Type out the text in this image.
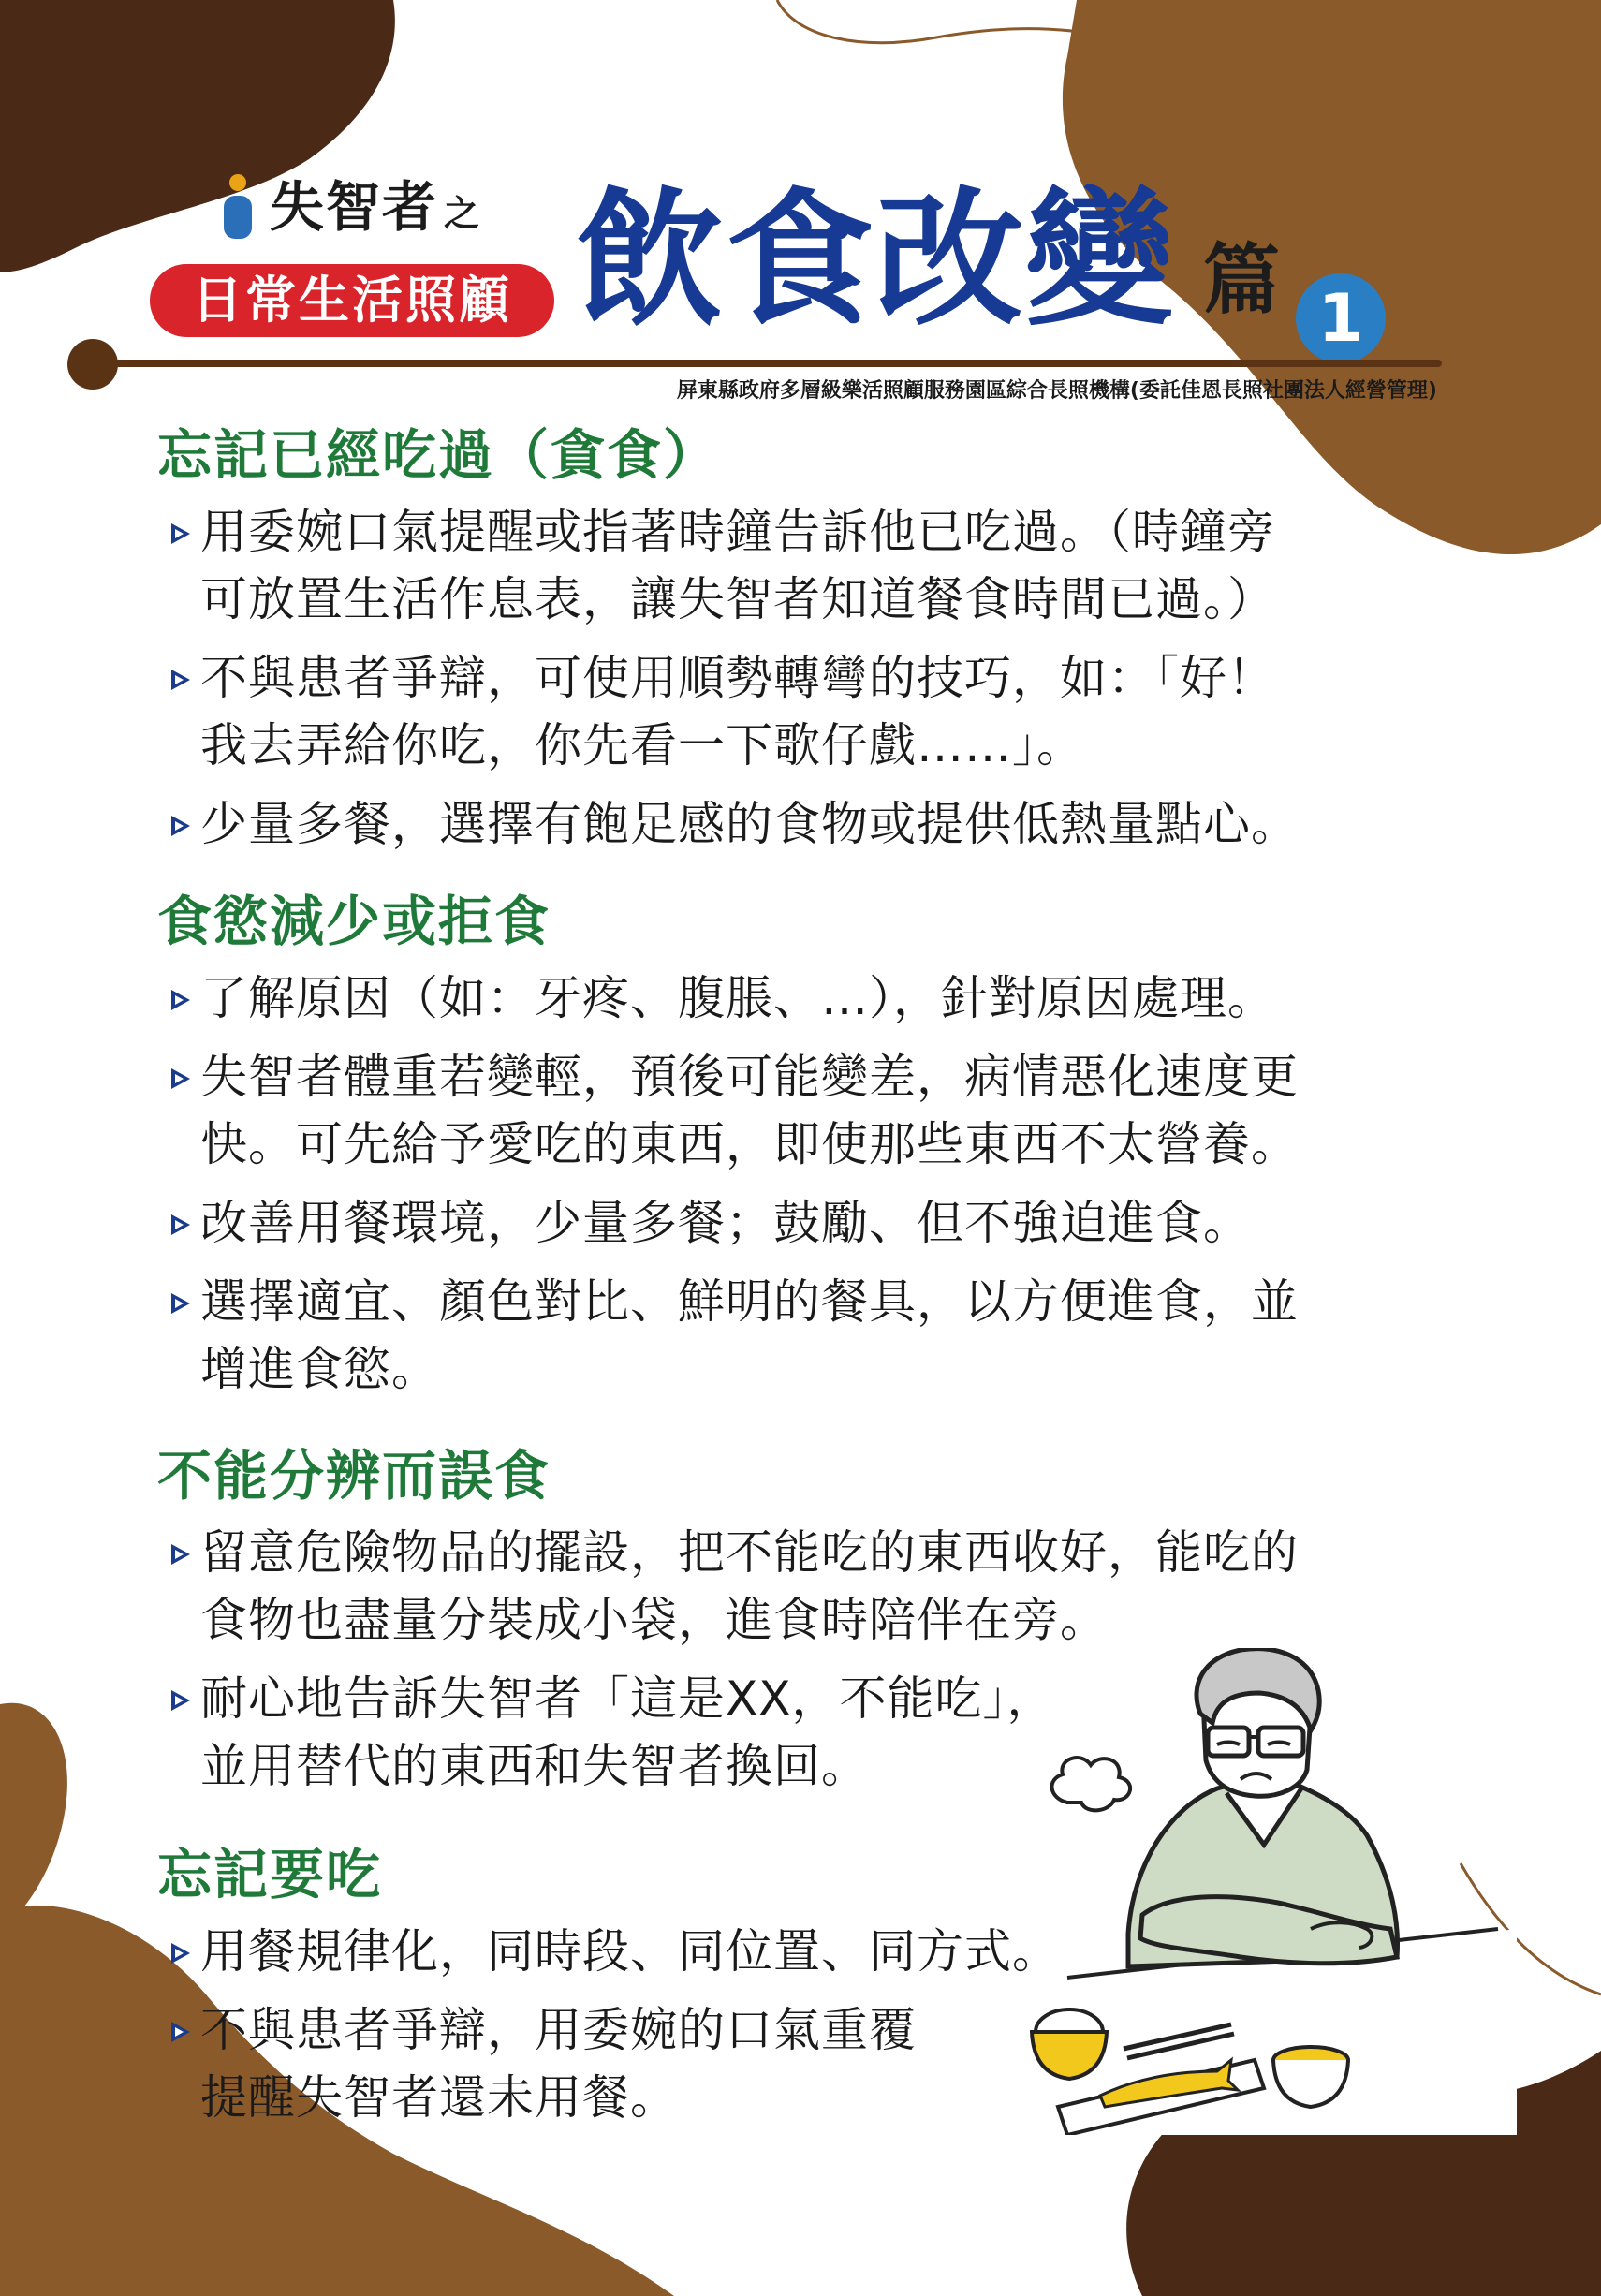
失智者 之
日常生活照顧 飲食改變 篇 1
屏東縣政府多層級樂活照顧服務園區綜合長照機構(委託佳恩長照社團法人經營管理)
忘記已經吃過（貪食）
用委婉口氣提醒或指著時鐘告訴他已吃過。（時鐘旁
可放置生活作息表，讓失智者知道餐食時間已過。）
不與患者爭辯，可使用順勢轉彎的技巧，如：「好！
我去弄給你吃，你先看一下歌仔戲……」。
少量多餐，選擇有飽足感的食物或提供低熱量點心。
食慾減少或拒食
了解原因（如：牙疼、腹脹、…），針對原因處理。
失智者體重若變輕，預後可能變差，病情惡化速度更
快。可先給予愛吃的東西，即使那些東西不太營養。
改善用餐環境，少量多餐；鼓勵、但不強迫進食。
選擇適宜、顏色對比、鮮明的餐具，以方便進食，並
增進食慾。
不能分辨而誤食
留意危險物品的擺設，把不能吃的東西收好，能吃的
食物也盡量分裝成小袋，進食時陪伴在旁。
耐心地告訴失智者「這是XX，不能吃」，
並用替代的東西和失智者換回。
忘記要吃
用餐規律化，同時段、同位置、同方式。
不與患者爭辯，用委婉的口氣重覆
提醒失智者還未用餐。
